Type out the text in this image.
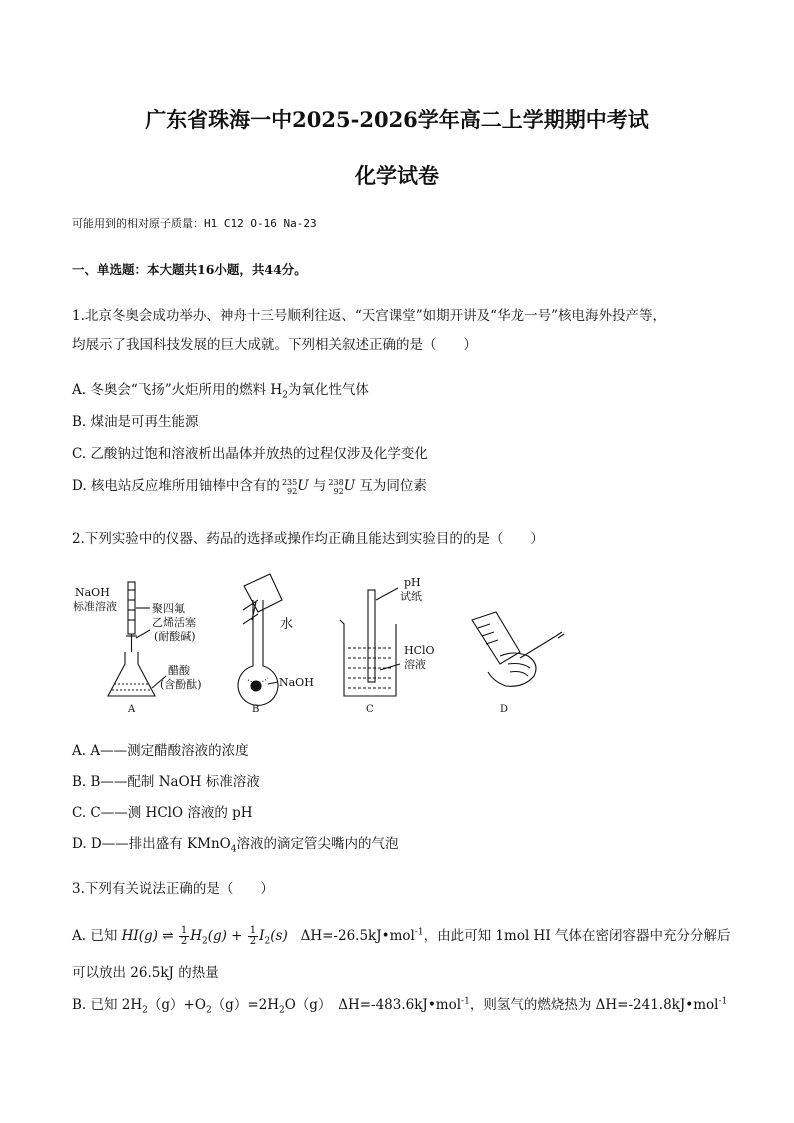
广东省珠海一中2025-2026学年高二上学期期中考试
化学试卷
可能用到的相对原子质量：H1 C12 O-16 Na-23
一、单选题：本大题共16小题，共44分。
1.北京冬奥会成功举办、神舟十三号顺利往返、“天宫课堂”如期开讲及“华龙一号”核电海外投产等，
均展示了我国科技发展的巨大成就。下列相关叙述正确的是（　　）
A. 冬奥会“飞扬”火炬所用的燃料 $H_2$为氧化性气体
B. 煤油是可再生能源
C. 乙酸钠过饱和溶液析出晶体并放热的过程仅涉及化学变化
D. 核电站反应堆所用铀棒中含有的 235
92 U 与 238
92 U 互为同位素
2.下列实验中的仪器、药品的选择或操作均正确且能达到实验目的的是（　　）
NaOH
标准溶液	聚四氟
乙烯活塞
(耐酸碱)
醋酸
(含酚酞)
水
NaOH
pH
试纸
HClO
溶液
A	B	C	D
A. A——测定醋酸溶液的浓度
B. B——配制 NaOH 标准溶液
C. C——测 HClO 溶液的 pH
D. D——排出盛有 KMnO$_4$溶液的滴定管尖嘴内的气泡
3.下列有关说法正确的是（　　）
A. 已知 HI(g) ⇌ $\frac{1}{2} H_2(g) + \frac{1}{2} I_2(s)$ ΔH=-26.5kJ•mol$^{-1}$，由此可知 1mol HI 气体在密闭容器中充分分解后
可以放出 26.5kJ 的热量
B. 已知 $2H_2(g)+O_2(g)=2H_2O(g)$　ΔH=-483.6kJ•mol$^{-1}$，则氢气的燃烧热为 ΔH=-241.8kJ•mol$^{-1}$
